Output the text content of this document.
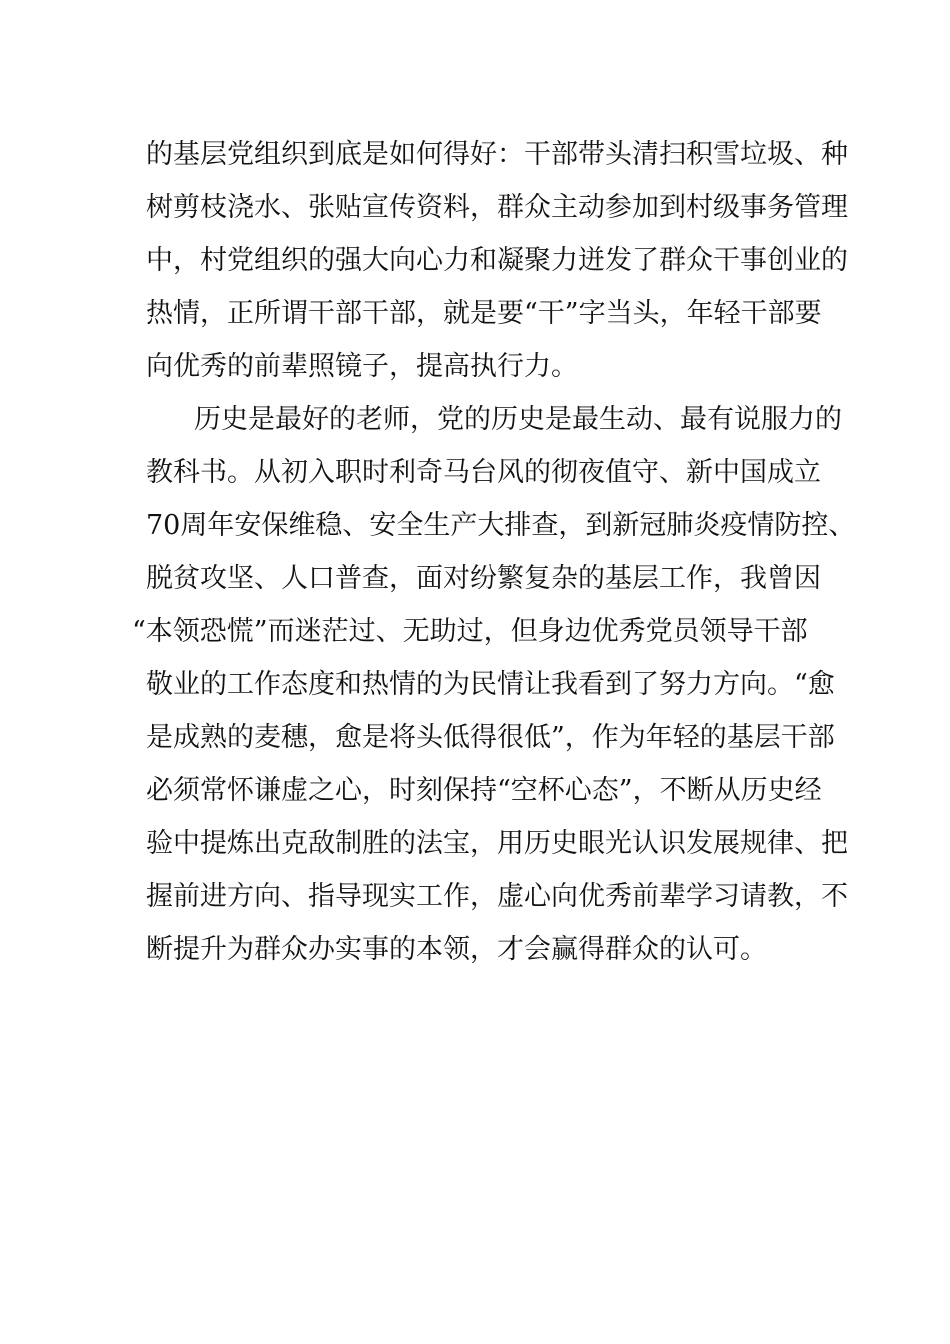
的基层党组织到底是如何得好：干部带头清扫积雪垃圾、种
树剪枝浇水、张贴宣传资料，群众主动参加到村级事务管理
中，村党组织的强大向心力和凝聚力迸发了群众干事创业的
热情，正所谓干部干部，就是要“干”字当头，年轻干部要
向优秀的前辈照镜子，提高执行力。
历史是最好的老师，党的历史是最生动、最有说服力的
教科书。从初入职时利奇马台风的彻夜值守、新中国成立
70周年安保维稳、安全生产大排查，到新冠肺炎疫情防控、
脱贫攻坚、人口普查，面对纷繁复杂的基层工作，我曾因
“本领恐慌”而迷茫过、无助过，但身边优秀党员领导干部
敬业的工作态度和热情的为民情让我看到了努力方向。“愈
是成熟的麦穗，愈是将头低得很低”，作为年轻的基层干部
必须常怀谦虚之心，时刻保持“空杯心态”，不断从历史经
验中提炼出克敌制胜的法宝，用历史眼光认识发展规律、把
握前进方向、指导现实工作，虚心向优秀前辈学习请教，不
断提升为群众办实事的本领，才会赢得群众的认可。
